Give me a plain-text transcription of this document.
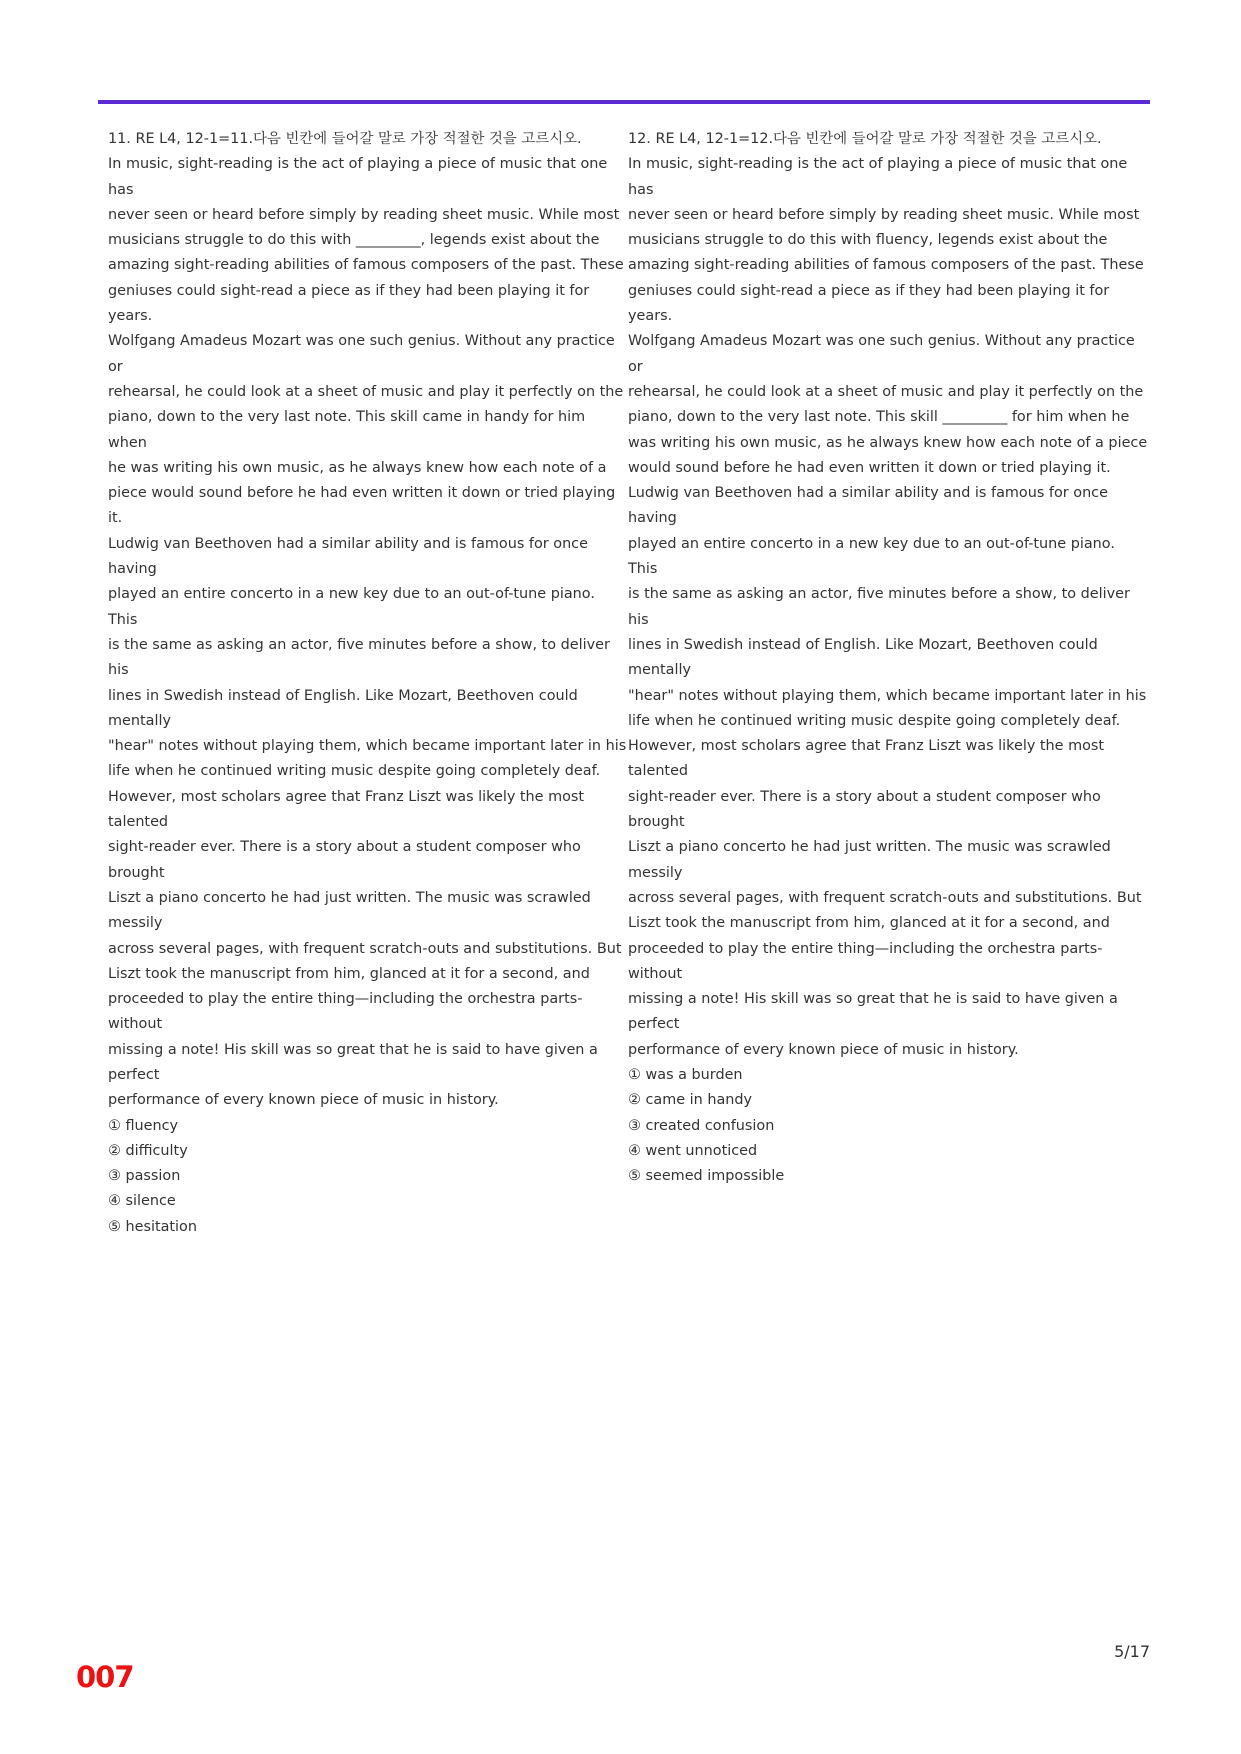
11. RE L4, 12-1=11.다음 빈칸에 들어갈 말로 가장 적절한 것을 고르시오.
In music, sight-reading is the act of playing a piece of music that one has
never seen or heard before simply by reading sheet music. While most
musicians struggle to do this with _________, legends exist about the
amazing sight-reading abilities of famous composers of the past. These
geniuses could sight-read a piece as if they had been playing it for years.
Wolfgang Amadeus Mozart was one such genius. Without any practice or
rehearsal, he could look at a sheet of music and play it perfectly on the
piano, down to the very last note. This skill came in handy for him when
he was writing his own music, as he always knew how each note of a
piece would sound before he had even written it down or tried playing it.
Ludwig van Beethoven had a similar ability and is famous for once having
played an entire concerto in a new key due to an out-of-tune piano. This
is the same as asking an actor, five minutes before a show, to deliver his
lines in Swedish instead of English. Like Mozart, Beethoven could mentally
"hear" notes without playing them, which became important later in his
life when he continued writing music despite going completely deaf.
However, most scholars agree that Franz Liszt was likely the most talented
sight-reader ever. There is a story about a student composer who brought
Liszt a piano concerto he had just written. The music was scrawled messily
across several pages, with frequent scratch-outs and substitutions. But
Liszt took the manuscript from him, glanced at it for a second, and
proceeded to play the entire thing—including the orchestra parts-without
missing a note! His skill was so great that he is said to have given a perfect
performance of every known piece of music in history.
① fluency
② difficulty
③ passion
④ silence
⑤ hesitation
12. RE L4, 12-1=12.다음 빈칸에 들어갈 말로 가장 적절한 것을 고르시오.
In music, sight-reading is the act of playing a piece of music that one has
never seen or heard before simply by reading sheet music. While most
musicians struggle to do this with fluency, legends exist about the
amazing sight-reading abilities of famous composers of the past. These
geniuses could sight-read a piece as if they had been playing it for years.
Wolfgang Amadeus Mozart was one such genius. Without any practice or
rehearsal, he could look at a sheet of music and play it perfectly on the
piano, down to the very last note. This skill _________ for him when he
was writing his own music, as he always knew how each note of a piece
would sound before he had even written it down or tried playing it.
Ludwig van Beethoven had a similar ability and is famous for once having
played an entire concerto in a new key due to an out-of-tune piano. This
is the same as asking an actor, five minutes before a show, to deliver his
lines in Swedish instead of English. Like Mozart, Beethoven could mentally
"hear" notes without playing them, which became important later in his
life when he continued writing music despite going completely deaf.
However, most scholars agree that Franz Liszt was likely the most talented
sight-reader ever. There is a story about a student composer who brought
Liszt a piano concerto he had just written. The music was scrawled messily
across several pages, with frequent scratch-outs and substitutions. But
Liszt took the manuscript from him, glanced at it for a second, and
proceeded to play the entire thing—including the orchestra parts-without
missing a note! His skill was so great that he is said to have given a perfect
performance of every known piece of music in history.
① was a burden
② came in handy
③ created confusion
④ went unnoticed
⑤ seemed impossible
5/17
007
